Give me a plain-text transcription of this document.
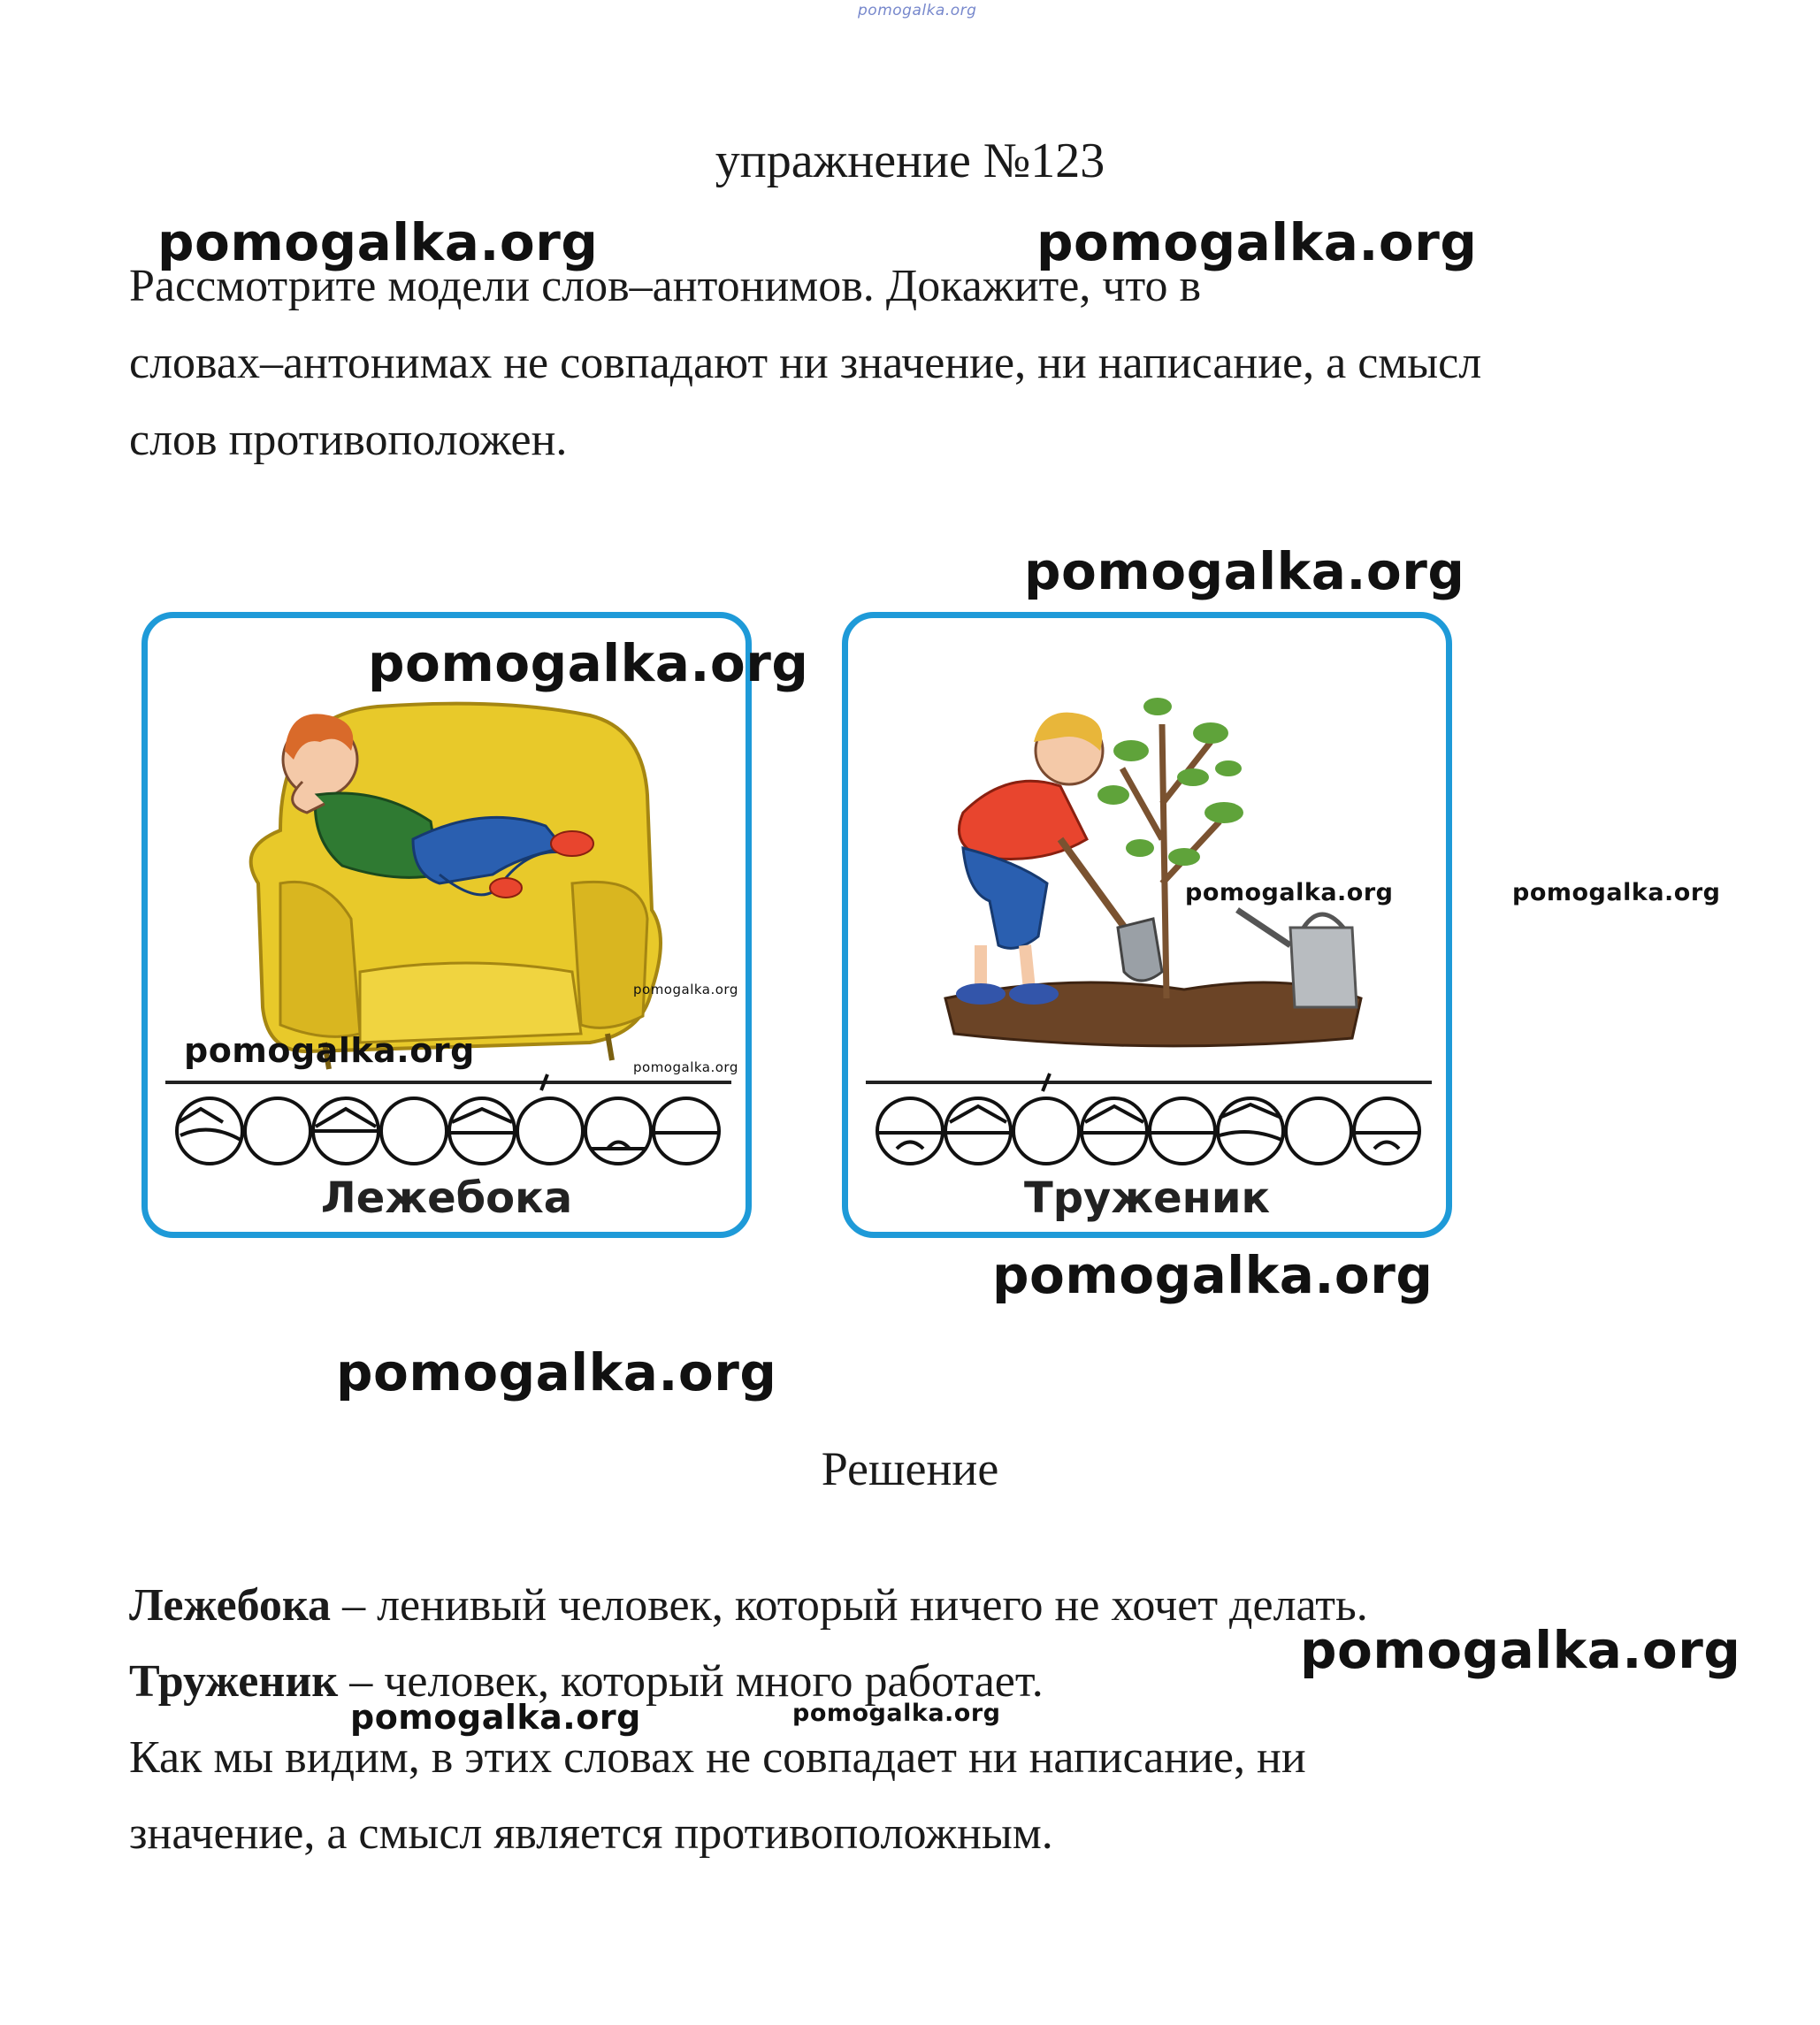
pomogalka.org
упражнение №123
Рассмотрите модели слов–антонимов. Докажите, что в
словах–антонимах не совпадают ни значение, ни написание, а смысл
слов противоположен.
Лежебока	Труженик
Решение
Лежебока – ленивый человек, который ничего не хочет делать.
Труженик – человек, который много работает.
Как мы видим, в этих словах не совпадает ни написание, ни
значение, а смысл является противоположным.
pomogalka.org	pomogalka.org
pomogalka.org
pomogalka.org
pomogalka.org	pomogalka.org
pomogalka.org
pomogalka.org
pomogalka.org
pomogalka.org
pomogalka.org
pomogalka.org
pomogalka.org	pomogalka.org
